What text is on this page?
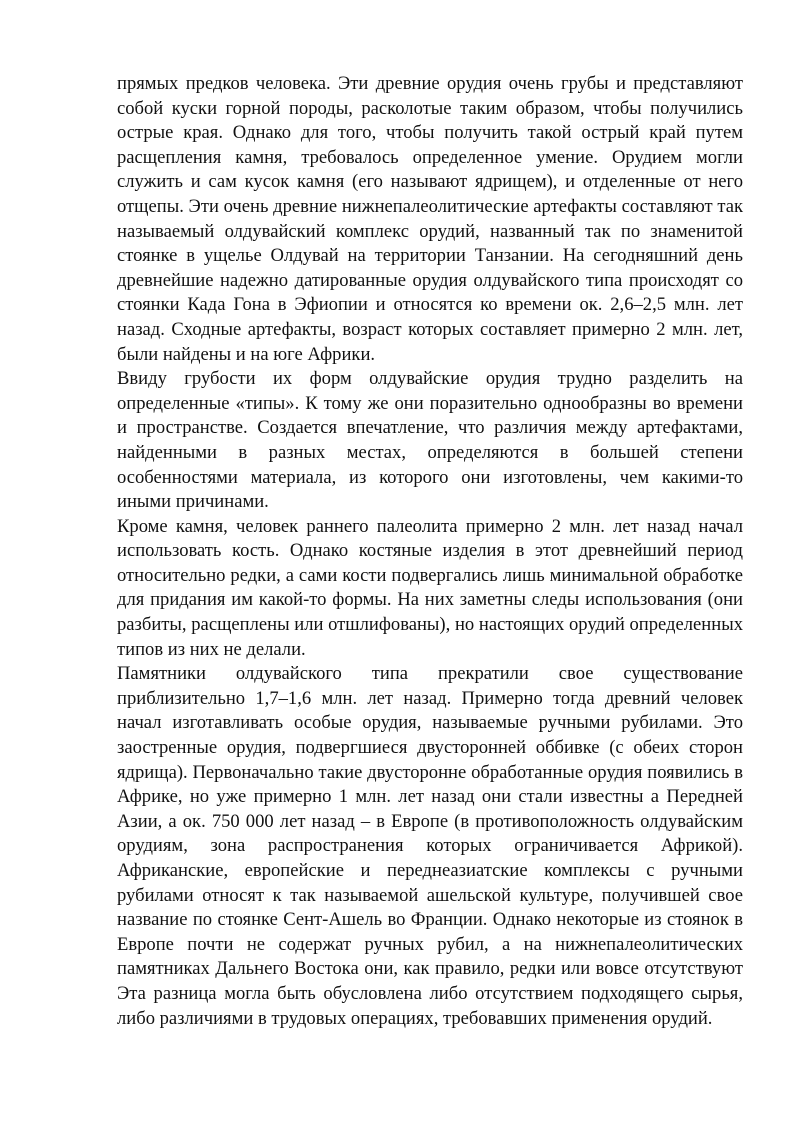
прямых предков человека. Эти древние орудия очень грубы и представляют собой куски горной породы, расколотые таким образом, чтобы получились острые края. Однако для того, чтобы получить такой острый край путем расщепления камня, требовалось определенное умение. Орудием могли служить и сам кусок камня (его называют ядрищем), и отделенные от него отщепы. Эти очень древние нижнепалеолитические артефакты составляют так называемый олдувайский комплекс орудий, названный так по знаменитой стоянке в ущелье Олдувай на территории Танзании. На сегодняшний день древнейшие надежно датированные орудия олдувайского типа происходят со стоянки Када Гона в Эфиопии и относятся ко времени ок. 2,6–2,5 млн. лет назад. Сходные артефакты, возраст которых составляет примерно 2 млн. лет, были найдены и на юге Африки.

Ввиду грубости их форм олдувайские орудия трудно разделить на определенные «типы». К тому же они поразительно однообразны во времени и пространстве. Создается впечатление, что различия между артефактами, найденными в разных местах, определяются в большей степени особенностями материала, из которого они изготовлены, чем какими-то иными причинами.

Кроме камня, человек раннего палеолита примерно 2 млн. лет назад начал использовать кость. Однако костяные изделия в этот древнейший период относительно редки, а сами кости подвергались лишь минимальной обработке для придания им какой-то формы. На них заметны следы использования (они разбиты, расщеплены или отшлифованы), но настоящих орудий определенных типов из них не делали.

Памятники олдувайского типа прекратили свое существование приблизительно 1,7–1,6 млн. лет назад. Примерно тогда древний человек начал изготавливать особые орудия, называемые ручными рубилами. Это заостренные орудия, подвергшиеся двусторонней оббивке (с обеих сторон ядрища). Первоначально такие двусторонне обработанные орудия появились в Африке, но уже примерно 1 млн. лет назад они стали известны а Передней Азии, а ок. 750 000 лет назад – в Европе (в противоположность олдувайским орудиям, зона распространения которых ограничивается Африкой). Африканские, европейские и переднеазиатские комплексы с ручными рубилами относят к так называемой ашельской культуре, получившей свое название по стоянке Сент-Ашель во Франции. Однако некоторые из стоянок в Европе почти не содержат ручных рубил, а на нижнепалеолитических памятниках Дальнего Востока они, как правило, редки или вовсе отсутствуют Эта разница могла быть обусловлена либо отсутствием подходящего сырья, либо различиями в трудовых операциях, требовавших применения орудий.
